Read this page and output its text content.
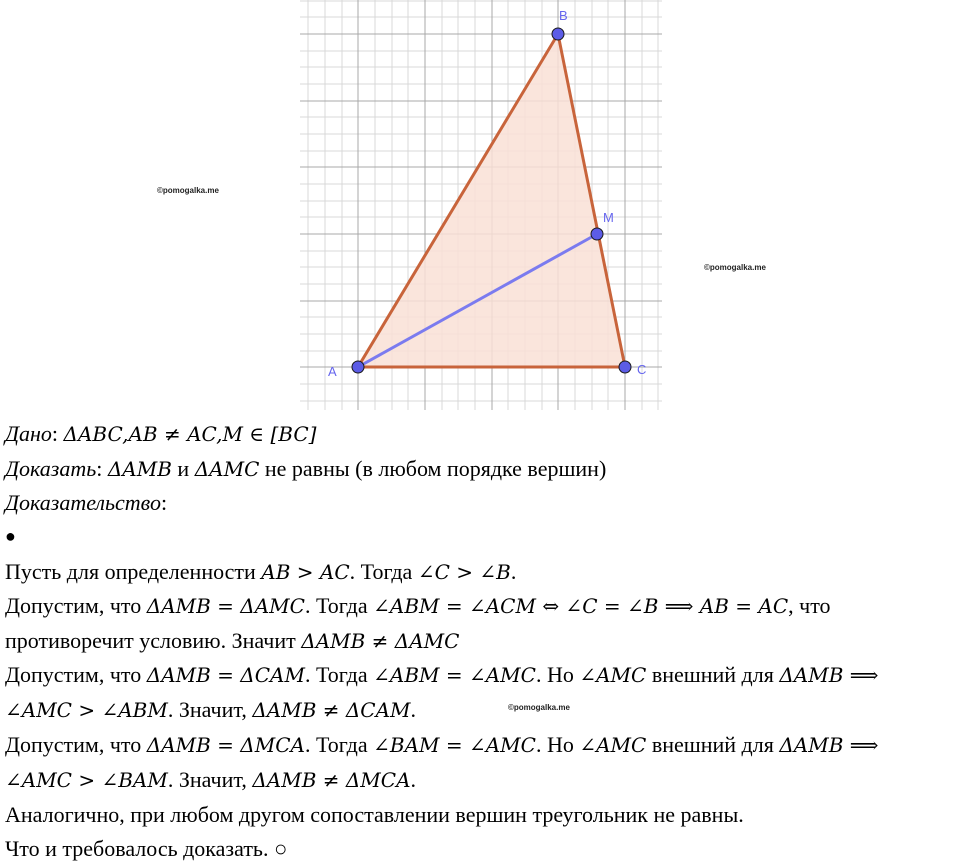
B
M
A	C
©pomogalka.me
©pomogalka.me
©pomogalka.me
Дано: ΔABC,AB ≠ AC,M ∈ [BC]
Доказать: ΔAMB и ΔAMC не равны (в любом порядке вершин)
Доказательство:
●
Пусть для определенности AB > AC. Тогда ∠C > ∠B.
Допустим, что ΔAMB = ΔAMC. Тогда ∠ABM = ∠ACM ⇔ ∠C = ∠B ⟹ AB = AC, что
противоречит условию. Значит ΔAMB ≠ ΔAMC
Допустим, что ΔAMB = ΔCAM. Тогда ∠ABM = ∠AMC. Но ∠AMC внешний для ΔAMB ⟹
∠AMC > ∠ABM. Значит, ΔAMB ≠ ΔCAM.
Допустим, что ΔAMB = ΔMCA. Тогда ∠BAM = ∠AMC. Но ∠AMC внешний для ΔAMB ⟹
∠AMC > ∠BAM. Значит, ΔAMB ≠ ΔMCA.
Аналогично, при любом другом сопоставлении вершин треугольник не равны.
Что и требовалось доказать. ○
